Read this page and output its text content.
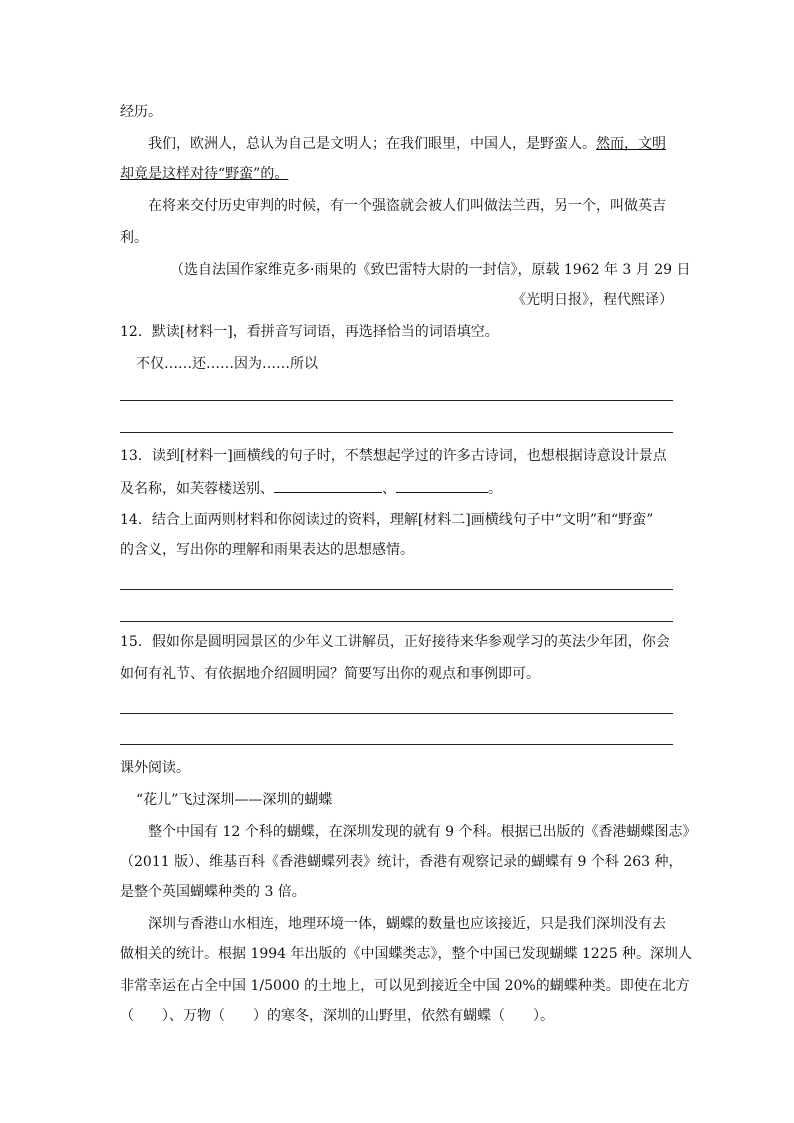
经历。
我们，欧洲人，总认为自己是文明人；在我们眼里，中国人，是野蛮人。然而，文明
却竟是这样对待“野蛮”的。
在将来交付历史审判的时候，有一个强盗就会被人们叫做法兰西，另一个，叫做英吉
利。
（选自法国作家维克多·雨果的《致巴雷特大尉的一封信》，原载 1962 年 3 月 29 日
《光明日报》，程代熙译）
12．默读[材料一]，看拼音写词语，再选择恰当的词语填空。
不仅……还……因为……所以
13．读到[材料一]画横线的句子时，不禁想起学过的许多古诗词，也想根据诗意设计景点
及名称，如芙蓉楼送别、	、	。
14．结合上面两则材料和你阅读过的资料，理解[材料二]画横线句子中“文明”和“野蛮”
的含义，写出你的理解和雨果表达的思想感情。
15．假如你是圆明园景区的少年义工讲解员，正好接待来华参观学习的英法少年团，你会
如何有礼节、有依据地介绍圆明园？简要写出你的观点和事例即可。
课外阅读。
“花儿”飞过深圳——深圳的蝴蝶
整个中国有 12 个科的蝴蝶，在深圳发现的就有 9 个科。根据已出版的《香港蝴蝶图志》
（2011 版）、维基百科《香港蝴蝶列表》统计，香港有观察记录的蝴蝶有 9 个科 263 种，
是整个英国蝴蝶种类的 3 倍。
深圳与香港山水相连，地理环境一体，蝴蝶的数量也应该接近，只是我们深圳没有去
做相关的统计。根据 1994 年出版的《中国蝶类志》，整个中国已发现蝴蝶 1225 种。深圳人
非常幸运在占全中国 1/5000 的土地上，可以见到接近全中国 20%的蝴蝶种类。即使在北方
（　　）、万物（　　）的寒冬，深圳的山野里，依然有蝴蝶（　　）。
